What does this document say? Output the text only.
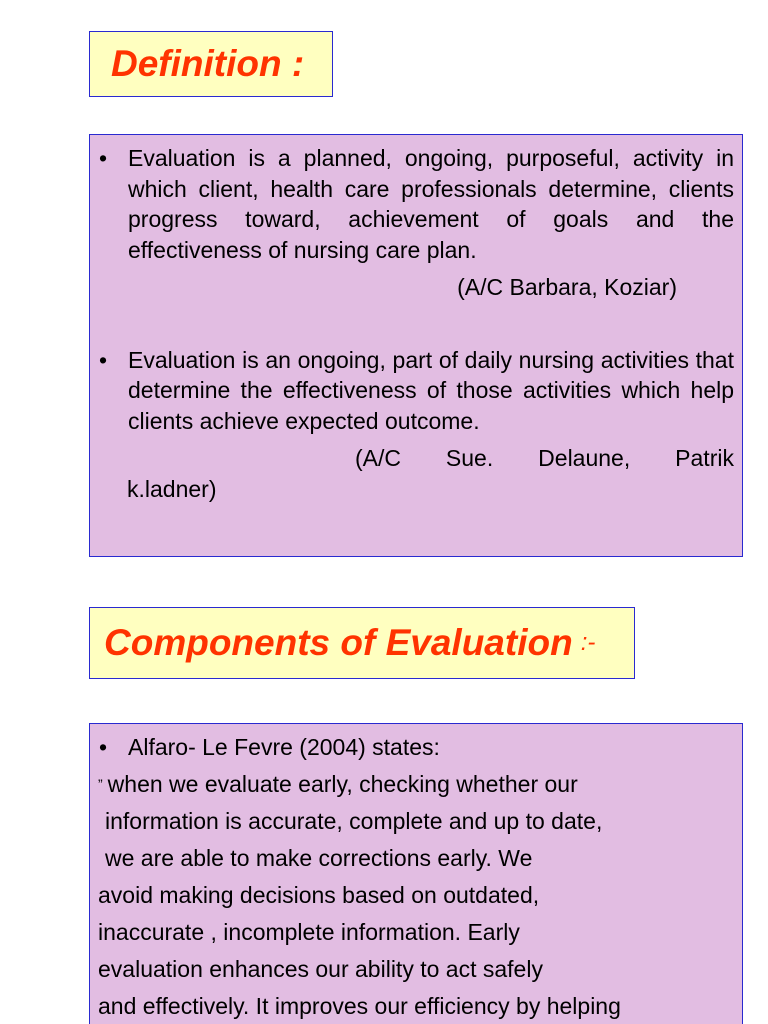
Definition :
• Evaluation is a planned, ongoing, purposeful, activity in which client, health care professionals determine, clients progress toward, achievement of goals and the effectiveness of nursing care plan.
(A/C Barbara, Koziar)
• Evaluation is an ongoing, part of daily nursing activities that determine the effectiveness of those activities which help clients achieve expected outcome.
(A/C Sue. Delaune, Patrik
k.ladner)
Components of Evaluation :-
• Alfaro- Le Fevre (2004) states:
” when we evaluate early, checking whether our
information is accurate, complete and up to date,
we are able to make corrections early. We
avoid making decisions based on outdated,
inaccurate , incomplete information. Early
evaluation enhances our ability to act safely
and effectively. It improves our efficiency by helping
